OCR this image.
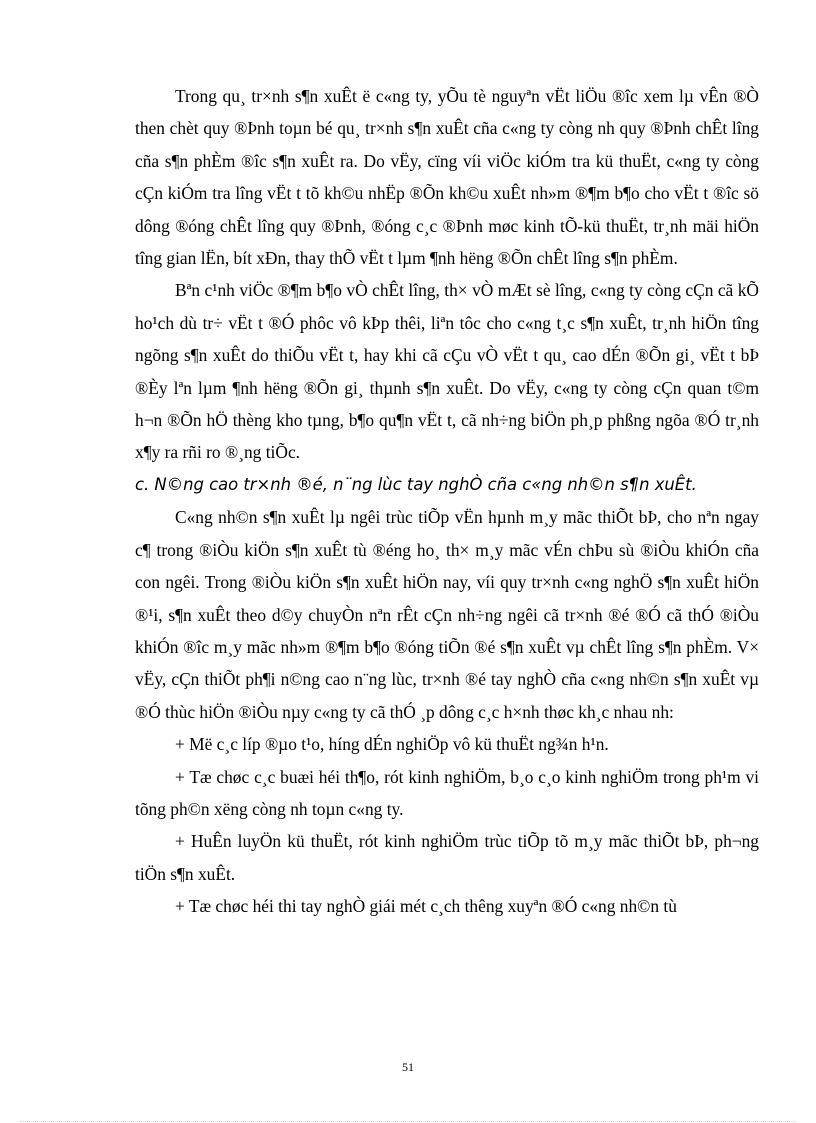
Trong qu¸ tr×nh s¶n xuÊt ë c«ng ty, yÕu tè nguyªn vËt liÖu ®îc xem lµ vÊn ®Ò then chèt quy ®Þnh toµn bé qu¸ tr×nh s¶n xuÊt cña c«ng ty còng nh quy ®Þnh chÊt lîng cña s¶n phÈm ®îc s¶n xuÊt ra. Do vËy, cïng víi viÖc kiÓm tra kü thuËt, c«ng ty còng cÇn kiÓm tra lîng vËt t tõ kh©u nhËp ®Õn kh©u xuÊt nh»m ®¶m b¶o cho vËt t ®îc sö dông ®óng chÊt lîng quy ®Þnh, ®óng c¸c ®Þnh møc kinh tÕ-kü thuËt, tr¸nh mäi hiÖn tîng gian lËn, bít xÐn, thay thÕ vËt t lµm ¶nh hëng ®Õn chÊt lîng s¶n phÈm.

Bªn c¹nh viÖc ®¶m b¶o vÒ chÊt lîng, th× vÒ mÆt sè lîng, c«ng ty còng cÇn cã kÕ ho¹ch dù tr÷ vËt t ®Ó phôc vô kÞp thêi, liªn tôc cho c«ng t¸c s¶n xuÊt, tr¸nh hiÖn tîng ngõng s¶n xuÊt do thiÕu vËt t, hay khi cã cÇu vÒ vËt t qu¸ cao dÉn ®Õn gi¸ vËt t bÞ ®Èy lªn lµm ¶nh hëng ®Õn gi¸ thµnh s¶n xuÊt. Do vËy, c«ng ty còng cÇn quan t©m h¬n ®Õn hÖ thèng kho tµng, b¶o qu¶n vËt t, cã nh÷ng biÖn ph¸p phßng ngõa ®Ó tr¸nh x¶y ra rñi ro ®¸ng tiÕc.

c. N©ng cao tr×nh ®é, n¨ng lùc tay nghÒ cña c«ng nh©n s¶n xuÊt.

C«ng nh©n s¶n xuÊt lµ ngêi trùc tiÕp vËn hµnh m¸y mãc thiÕt bÞ, cho nªn ngay c¶ trong ®iÒu kiÖn s¶n xuÊt tù ®éng ho¸ th× m¸y mãc vÉn chÞu sù ®iÒu khiÓn cña con ngêi. Trong ®iÒu kiÖn s¶n xuÊt hiÖn nay, víi quy tr×nh c«ng nghÖ s¶n xuÊt hiÖn ®¹i, s¶n xuÊt theo d©y chuyÒn nªn rÊt cÇn nh÷ng ngêi cã tr×nh ®é ®Ó cã thÓ ®iÒu khiÓn ®îc m¸y mãc nh»m ®¶m b¶o ®óng tiÕn ®é s¶n xuÊt vµ chÊt lîng s¶n phÈm. V× vËy, cÇn thiÕt ph¶i n©ng cao n¨ng lùc, tr×nh ®é tay nghÒ cña c«ng nh©n s¶n xuÊt vµ ®Ó thùc hiÖn ®iÒu nµy c«ng ty cã thÓ ¸p dông c¸c h×nh thøc kh¸c nhau nh:

+ Më c¸c líp ®µo t¹o, híng dÉn nghiÖp vô kü thuËt ng¾n h¹n.

+ Tæ chøc c¸c buæi héi th¶o, rót kinh nghiÖm, b¸o c¸o kinh nghiÖm trong ph¹m vi tõng ph©n xëng còng nh toµn c«ng ty.

+ HuÊn luyÖn kü thuËt, rót kinh nghiÖm trùc tiÕp tõ m¸y mãc thiÕt bÞ, ph¬ng tiÖn s¶n xuÊt.

+ Tæ chøc héi thi tay nghÒ giái mét c¸ch thêng xuyªn ®Ó c«ng nh©n tù

51
